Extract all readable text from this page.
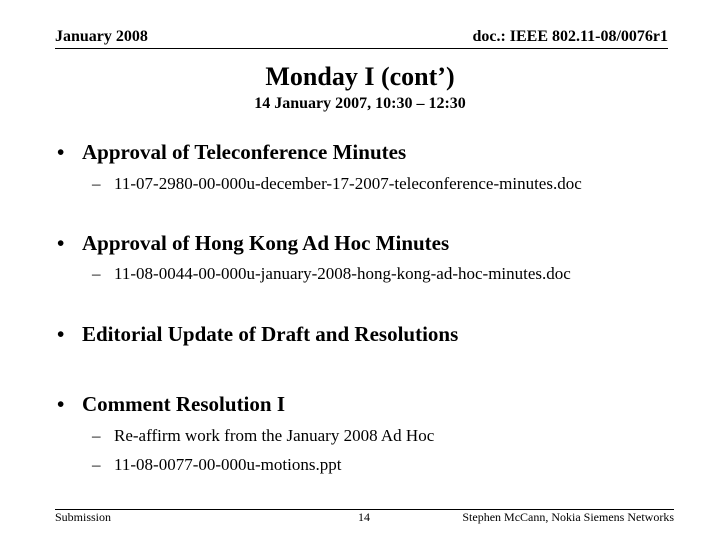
January 2008	doc.: IEEE 802.11-08/0076r1
Monday I (cont’)
14 January 2007, 10:30 – 12:30
• Approval of Teleconference Minutes
– 11-07-2980-00-000u-december-17-2007-teleconference-minutes.doc
• Approval of Hong Kong Ad Hoc Minutes
– 11-08-0044-00-000u-january-2008-hong-kong-ad-hoc-minutes.doc
• Editorial Update of Draft and Resolutions
• Comment Resolution I
– Re-affirm work from the January 2008 Ad Hoc
– 11-08-0077-00-000u-motions.ppt
Submission	14	Stephen McCann, Nokia Siemens Networks
